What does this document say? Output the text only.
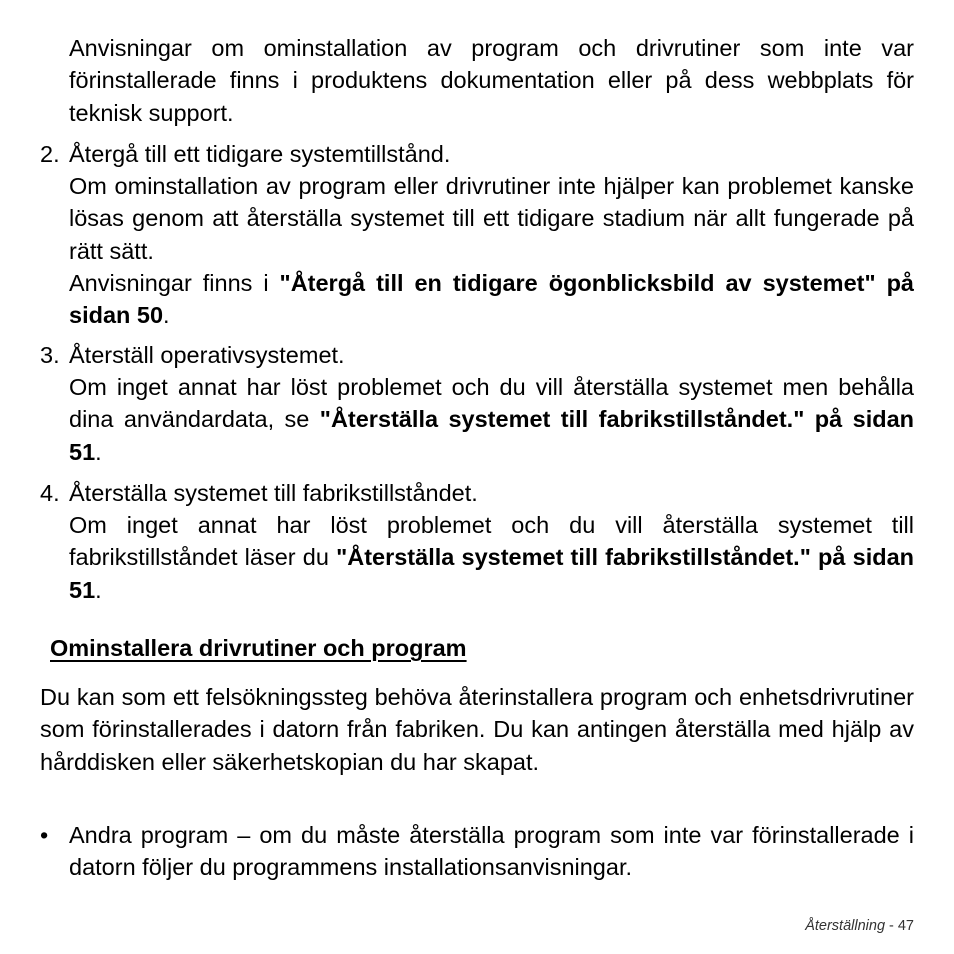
Anvisningar om ominstallation av program och drivrutiner som inte var förinstallerade finns i produktens dokumentation eller på dess webbplats för teknisk support.

2. Återgå till ett tidigare systemtillstånd.

Om ominstallation av program eller drivrutiner inte hjälper kan problemet kanske lösas genom att återställa systemet till ett tidigare stadium när allt fungerade på rätt sätt.

Anvisningar finns i "Återgå till en tidigare ögonblicksbild av systemet" på sidan 50.

3. Återställ operativsystemet.

Om inget annat har löst problemet och du vill återställa systemet men behålla dina användardata, se "Återställa systemet till fabrikstillståndet." på sidan 51.

4. Återställa systemet till fabrikstillståndet.

Om inget annat har löst problemet och du vill återställa systemet till fabrikstillståndet läser du "Återställa systemet till fabrikstillståndet." på sidan 51.

Ominstallera drivrutiner och program

Du kan som ett felsökningssteg behöva återinstallera program och enhetsdrivrutiner som förinstallerades i datorn från fabriken. Du kan antingen återställa med hjälp av hårddisken eller säkerhetskopian du har skapat.

• Andra program – om du måste återställa program som inte var förinstallerade i datorn följer du programmens installationsanvisningar.

Återställning - 47
